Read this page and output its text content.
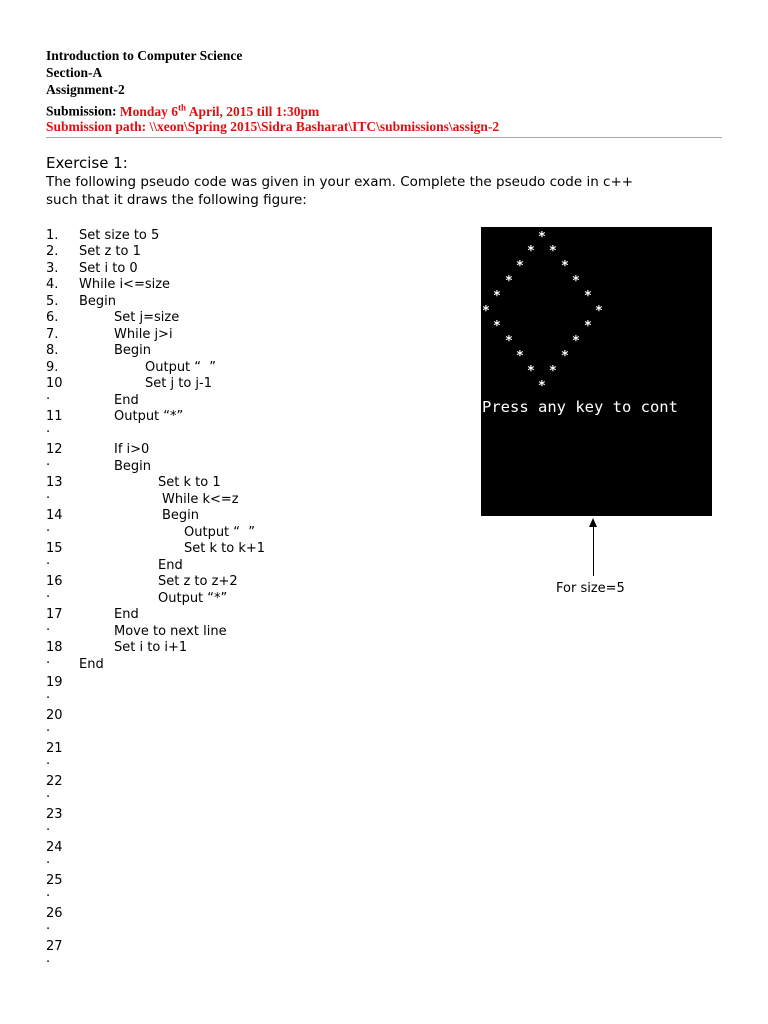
Introduction to Computer Science
Section-A
Assignment-2
Submission: Monday 6th April, 2015 till 1:30pm
Submission path: \\xeon\Spring 2015\Sidra Basharat\ITC\submissions\assign-2
Exercise 1:
The following pseudo code was given in your exam. Complete the pseudo code in c++
such that it draws the following figure:
1.
2.
3.
4.
5.
6.
7.
8.
9.
10
.
11
.
12
.
13
.
14
.
15
.
16
.
17
.
18
.
19
.
20
.
21
.
22
.
23
.
24
.
25
.
26
.
27
.
Set size to 5
Set z to 1
Set i to 0
While i<=size
Begin
Set j=size
While j>i
Begin
Output “  ”
Set j to j-1
End
Output “*”
If i>0
Begin
Set k to 1
While k<=z
Begin
Output “  ”
Set k to k+1
End
Set z to z+2
Output “*”
End
Move to next line
Set i to i+1
End
*
* *
*	*
*	*
*	*
*	*
*	*
*	*
*	*
* *
*
Press any key to cont
For size=5
